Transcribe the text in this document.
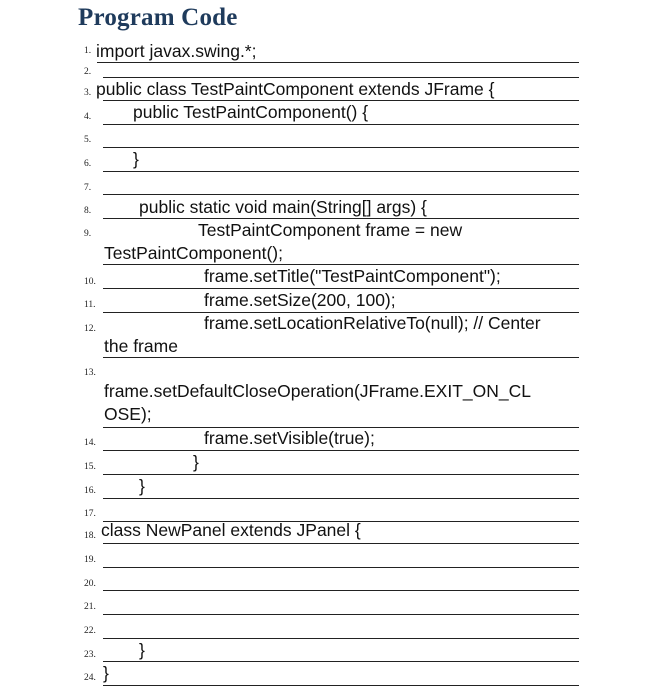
Program Code
1. import javax.swing.*;
2.
3. public class TestPaintComponent extends JFrame {
4. public TestPaintComponent() {
5.
6. }
7.
8.	public static void main(String[] args) {
9.	TestPaintComponent frame = new
TestPaintComponent();
10.	frame.setTitle("TestPaintComponent");
11.	frame.setSize(200, 100);
12.	frame.setLocationRelativeTo(null); // Center
the frame
13.
frame.setDefaultCloseOperation(JFrame.EXIT_ON_CL
OSE);
14.	frame.setVisible(true);
15.	}
16. }
17.
18. class NewPanel extends JPanel {
19.
20.
21.
22.
23. }
24. }
